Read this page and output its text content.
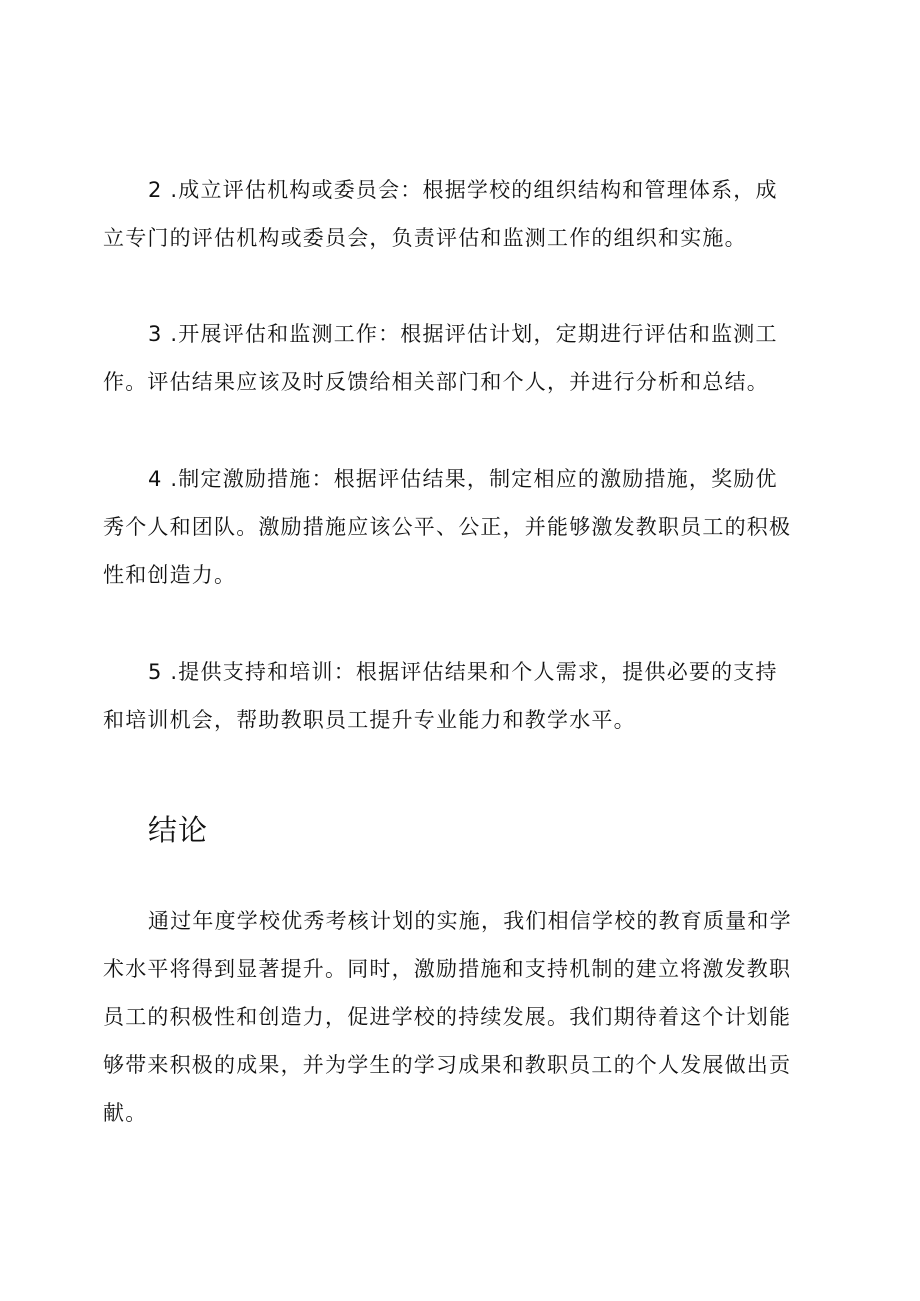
2 .成立评估机构或委员会：根据学校的组织结构和管理体系，成
立专门的评估机构或委员会，负责评估和监测工作的组织和实施。

3 .开展评估和监测工作：根据评估计划，定期进行评估和监测工
作。评估结果应该及时反馈给相关部门和个人，并进行分析和总结。

4 .制定激励措施：根据评估结果，制定相应的激励措施，奖励优
秀个人和团队。激励措施应该公平、公正，并能够激发教职员工的积极
性和创造力。

5 .提供支持和培训：根据评估结果和个人需求，提供必要的支持
和培训机会，帮助教职员工提升专业能力和教学水平。

结论

通过年度学校优秀考核计划的实施，我们相信学校的教育质量和学
术水平将得到显著提升。同时，激励措施和支持机制的建立将激发教职
员工的积极性和创造力，促进学校的持续发展。我们期待着这个计划能
够带来积极的成果，并为学生的学习成果和教职员工的个人发展做出贡
献。
